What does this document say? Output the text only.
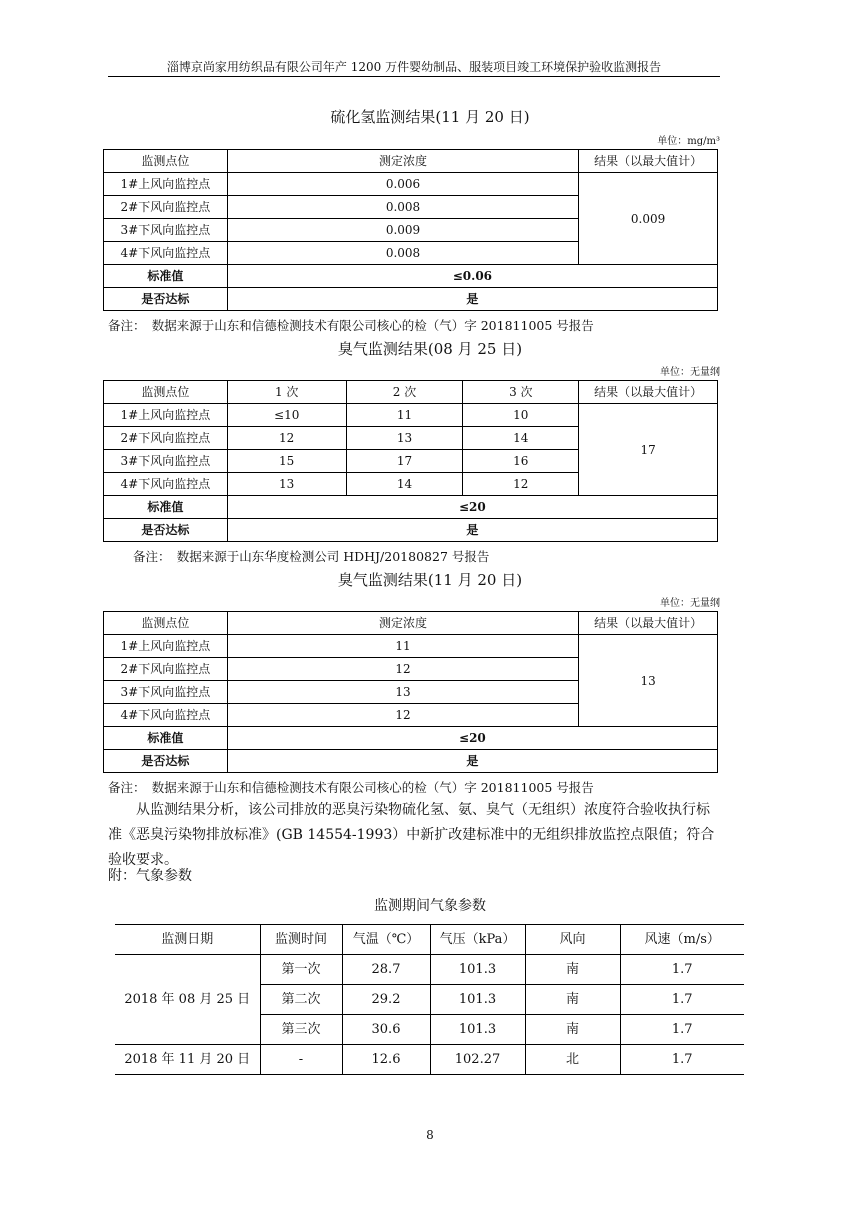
淄博京尚家用纺织品有限公司年产 1200 万件婴幼制品、服装项目竣工环境保护验收监测报告
硫化氢监测结果(11 月 20 日)
单位：mg/m³
监测点位	测定浓度	结果（以最大值计）
1#上风向监控点	0.006	0.009
2#下风向监控点	0.008	
3#下风向监控点	0.009	
4#下风向监控点	0.008	
标准值	≤0.06	
是否达标	是	
备注：　数据来源于山东和信德检测技术有限公司核心的检（气）字 201811005 号报告
臭气监测结果(08 月 25 日)
单位：无量纲
监测点位	1 次	2 次	3 次	结果（以最大值计）
1#上风向监控点	≤10	11	10	17
2#下风向监控点	12	13	14	
3#下风向监控点	15	17	16	
4#下风向监控点	13	14	12	
标准值	≤20			
是否达标	是			
备注：　数据来源于山东华度检测公司 HDHJ/20180827 号报告
臭气监测结果(11 月 20 日)
单位：无量纲
监测点位	测定浓度	结果（以最大值计）
1#上风向监控点	11	13
2#下风向监控点	12	
3#下风向监控点	13	
4#下风向监控点	12	
标准值	≤20	
是否达标	是	
备注：　数据来源于山东和信德检测技术有限公司核心的检（气）字 201811005 号报告
从监测结果分析，该公司排放的恶臭污染物硫化氢、氨、臭气（无组织）浓度符合验收执行标准《恶臭污染物排放标准》(GB 14554-1993）中新扩改建标准中的无组织排放监控点限值；符合验收要求。
附：气象参数
监测期间气象参数
监测日期	监测时间	气温（℃）	气压（kPa）	风向	风速（m/s）
2018 年 08 月 25 日	第一次	28.7	101.3	南	1.7
	第二次	29.2	101.3	南	1.7
	第三次	30.6	101.3	南	1.7
2018 年 11 月 20 日	-	12.6	102.27	北	1.7
8
